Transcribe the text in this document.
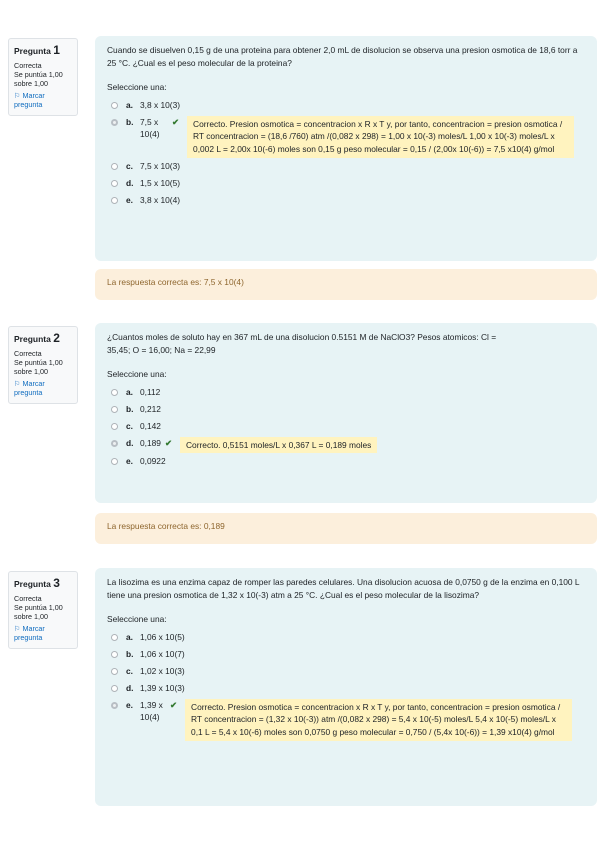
Pregunta 1
Correcta
Se puntúa 1,00 sobre 1,00
⚐ Marcar pregunta

Cuando se disuelven 0,15 g de una proteina para obtener 2,0 mL de disolucion se observa una presion osmotica de 18,6 torr a 25 °C. ¿Cual es el peso molecular de la proteina?

Seleccione una:

a. 3,8 x 10(3)
b. 7,5 x 10(4)
✔	Correcto. Presion osmotica = concentracion x R x T y, por tanto, concentracion = presion osmotica / RT concentracion = (18,6 /760) atm /(0,082 x 298) = 1,00 x 10(-3) moles/L 1,00 x 10(-3) moles/L x 0,002 L = 2,00x 10(-6) moles son 0,15 g peso molecular = 0,15 / (2,00x 10(-6)) = 7,5 x10(4) g/mol
c. 7,5 x 10(3)
d. 1,5 x 10(5)
e. 3,8 x 10(4)
La respuesta correcta es: 7,5 x 10(4)
Pregunta 2
Correcta
Se puntúa 1,00 sobre 1,00
⚐ Marcar pregunta

¿Cuantos moles de soluto hay en 367 mL de una disolucion 0.5151 M de NaClO3? Pesos atomicos: Cl = 35,45; O = 16,00; Na = 22,99

Seleccione una:

a. 0,112
b. 0,212
c. 0,142
d. 0,189 ✔	Correcto. 0,5151 moles/L x 0,367 L = 0,189 moles
e. 0,0922
La respuesta correcta es: 0,189
Pregunta 3
Correcta
Se puntúa 1,00 sobre 1,00
⚐ Marcar pregunta

La lisozima es una enzima capaz de romper las paredes celulares. Una disolucion acuosa de 0,0750 g de la enzima en 0,100 L tiene una presion osmotica de 1,32 x 10(-3) atm a 25 °C. ¿Cual es el peso molecular de la lisozima?

Seleccione una:

a. 1,06 x 10(5)
b. 1,06 x 10(7)
c. 1,02 x 10(3)
d. 1,39 x 10(3)
e. 1,39 x 10(4)
✔	Correcto. Presion osmotica = concentracion x R x T y, por tanto, concentracion = presion osmotica / RT concentracion = (1,32 x 10(-3)) atm /(0,082 x 298) = 5,4 x 10(-5) moles/L 5,4 x 10(-5) moles/L x 0,1 L = 5,4 x 10(-6) moles son 0,0750 g peso molecular = 0,750 / (5,4x 10(-6)) = 1,39 x10(4) g/mol
